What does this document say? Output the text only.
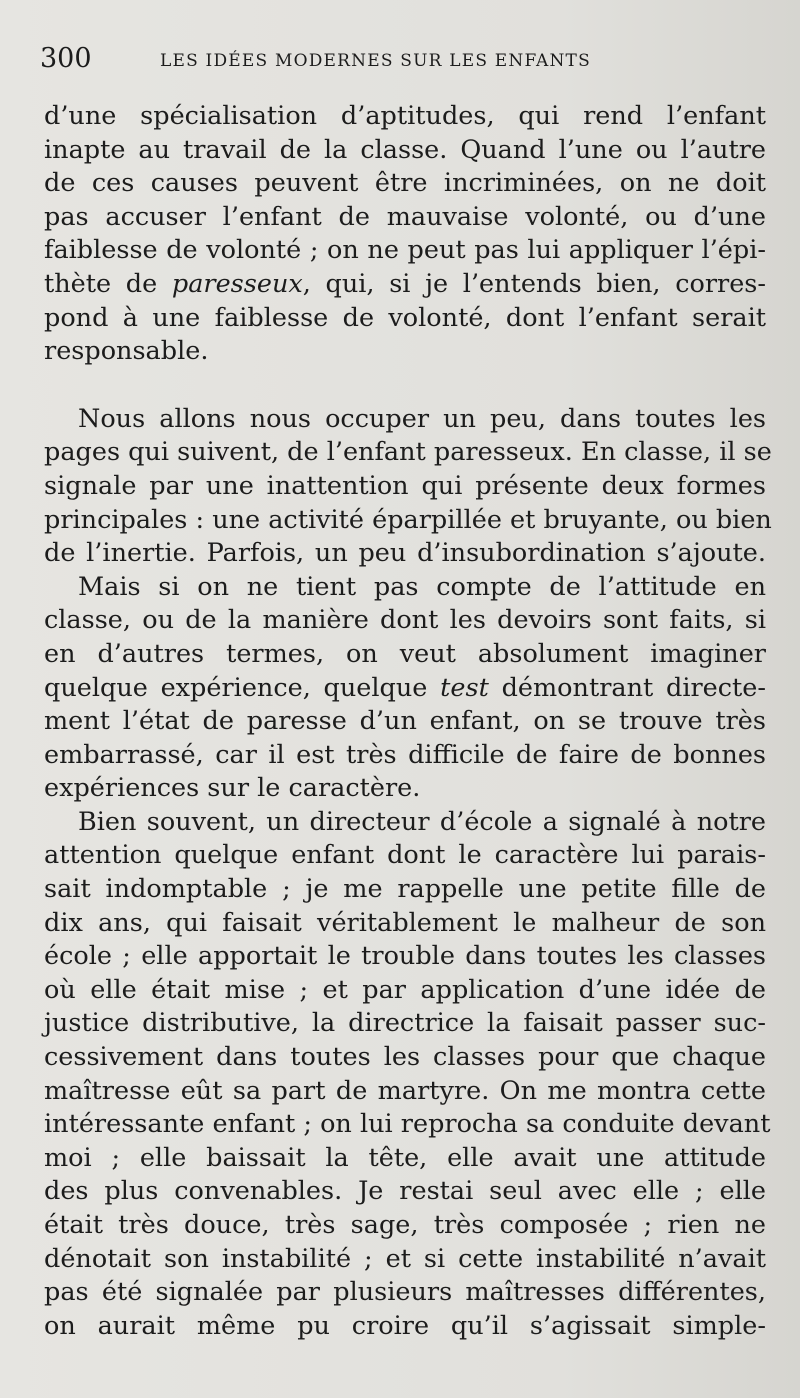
300	LES IDÉES MODERNES SUR LES ENFANTS
d’une spécialisation d’aptitudes, qui rend l’enfant
inapte au travail de la classe. Quand l’une ou l’autre
de ces causes peuvent être incriminées, on ne doit
pas accuser l’enfant de mauvaise volonté, ou d’une
faiblesse de volonté ; on ne peut pas lui appliquer l’épi-
thète de paresseux, qui, si je l’entends bien, corres-
pond à une faiblesse de volonté, dont l’enfant serait
responsable.
Nous allons nous occuper un peu, dans toutes les
pages qui suivent, de l’enfant paresseux. En classe, il se
signale par une inattention qui présente deux formes
principales : une activité éparpillée et bruyante, ou bien
de l’inertie. Parfois, un peu d’insubordination s’ajoute.
Mais si on ne tient pas compte de l’attitude en
classe, ou de la manière dont les devoirs sont faits, si
en d’autres termes, on veut absolument imaginer
quelque expérience, quelque test démontrant directe-
ment l’état de paresse d’un enfant, on se trouve très
embarrassé, car il est très difficile de faire de bonnes
expériences sur le caractère.
Bien souvent, un directeur d’école a signalé à notre
attention quelque enfant dont le caractère lui parais-
sait indomptable ; je me rappelle une petite fille de
dix ans, qui faisait véritablement le malheur de son
école ; elle apportait le trouble dans toutes les classes
où elle était mise ; et par application d’une idée de
justice distributive, la directrice la faisait passer suc-
cessivement dans toutes les classes pour que chaque
maîtresse eût sa part de martyre. On me montra cette
intéressante enfant ; on lui reprocha sa conduite devant
moi ; elle baissait la tête, elle avait une attitude
des plus convenables. Je restai seul avec elle ; elle
était très douce, très sage, très composée ; rien ne
dénotait son instabilité ; et si cette instabilité n’avait
pas été signalée par plusieurs maîtresses différentes,
on aurait même pu croire qu’il s’agissait simple-
